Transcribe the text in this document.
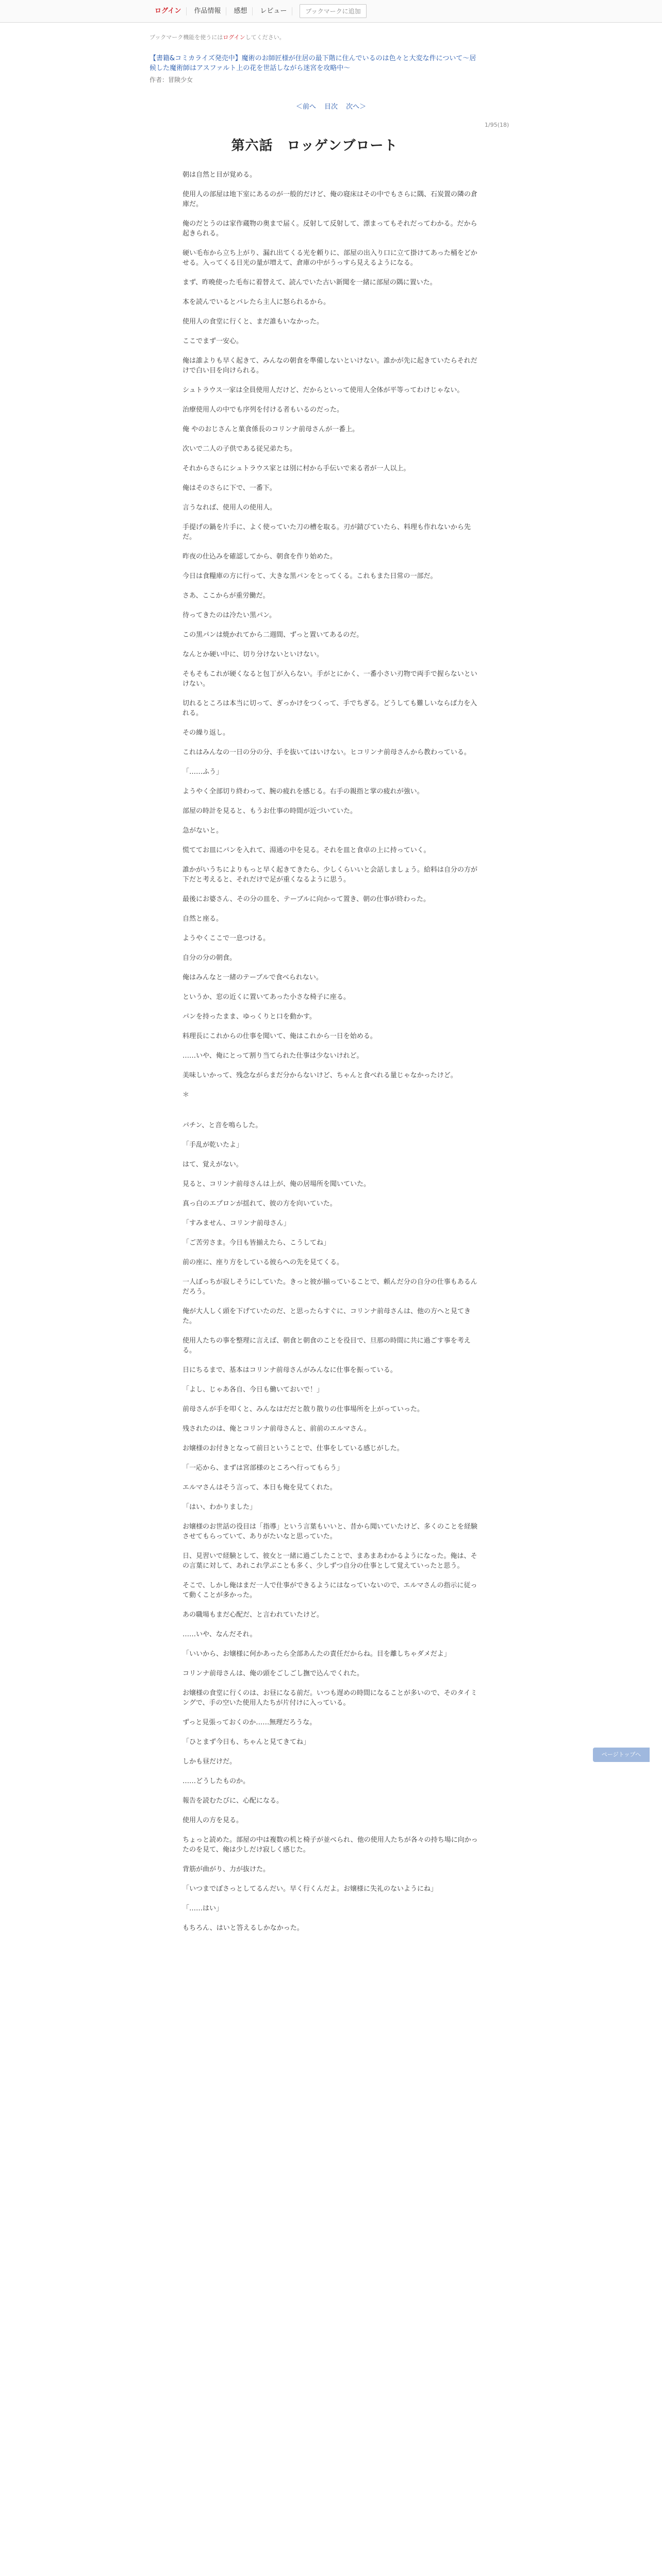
ログイン	作品情報	感想	レビュー	ブックマークに追加
ブックマーク機能を使うにはログインしてください。
【書籍&コミカライズ発売中】魔術のお師匠様が住居の最下階に住んでいるのは色々と大変な件について〜居候した魔術師はアスファルト上の花を世話しながら迷宮を攻略中〜
作者：冒険少女
＜前へ 目次 次へ＞
1/95(18)
第六話　ロッゲンブロート

朝は自然と目が覚める。

使用人の部屋は地下室にあるのが一般的だけど、俺の寝床はその中でもさらに隅、石炭置の隣の倉庫だ。

俺のだとうのは家作蔵物の奥まで届く。反射して反射して、漂まってもそれだってわかる。だから起きられる。

硬い毛布から立ち上がり、漏れ出てくる光を頼りに、部屋の出入り口に立て掛けてあった桶をどかせる。入ってくる日光の量が増えて、倉庫の中がうっすら見えるようになる。

まず、昨晩使った毛布に着替えて、読んでいた古い新聞を一緒に部屋の隅に置いた。

本を読んでいるとバレたら主人に怒られるから。

使用人の食堂に行くと、まだ誰もいなかった。

ここでまず一安心。

俺は誰よりも早く起きて、みんなの朝食を準備しないといけない。誰かが先に起きていたらそれだけで白い目を向けられる。

シュトラウス一家は全員使用人だけど、だからといって使用人全体が平等ってわけじゃない。

治療使用人の中でも序列を付ける者もいるのだった。

俺 やのおじさんと菓食係長のコリンナ前母さんが一番上。

次いで二人の子供である従兄弟たち。

それからさらにシュトラウス家とは別に村から手伝いで来る者が一人以上。

俺はそのさらに下で、一番下。

言うなれば、使用人の使用人。

手提げの鍋を片手に、よく使っていた刀の槽を取る。刃が錆びていたら、料理も作れないから先だ。

昨夜の仕込みを確認してから、朝食を作り始めた。

今日は食糧庫の方に行って、大きな黒パンをとってくる。これもまた日常の一部だ。

さあ、ここからが重労働だ。

待ってきたのは冷たい黒パン。

この黒パンは焼かれてから二週間、ずっと置いてあるのだ。

なんとか硬い中に、切り分けないといけない。

そもそもこれが硬くなると包丁が入らない。手がとにかく、一番小さい刃物で両手で握らないといけない。

切れるところは本当に切って、ぎっかけをつくって、手でちぎる。どうしても難しいならば力を入れる。

その繰り返し。

これはみんなの一日の分の分、手を抜いてはいけない。ヒコリンナ前母さんから教わっている。

「……ふう」

ようやく全部切り終わって、腕の疲れを感じる。右手の親指と掌の疲れが強い。

部屋の時計を見ると、もうお仕事の時間が近づいていた。

急がないと。

慌ててお皿にパンを入れて、湯通の中を見る。それを皿と食卓の上に持っていく。

誰かがいうちによりもっと早く起きてきたら、少しくらいいと会話しましょう。給料は自分の方が下だと考えると、それだけで足が重くなるように思う。

最後にお婆さん、その分の皿を、テーブルに向かって置き、朝の仕事が終わった。

自然と座る。

ようやくここで一息つける。

自分の分の朝食。

俺はみんなと一緒のテーブルで食べられない。

というか、窓の近くに置いてあった小さな椅子に座る。

パンを持ったまま、ゆっくりと口を動かす。

料理長にこれからの仕事を聞いて、俺はこれから一日を始める。

……いや、俺にとって割り当てられた仕事は少ないけれど。

美味しいかって、残念ながらまだ分からないけど、ちゃんと食べれる量じゃなかったけど。

＊

パチン、と音を鳴らした。

「手乱が乾いたよ」

はて、覚えがない。

見ると、コリンナ前母さんは上が、俺の居場所を聞いていた。

真っ白のエプロンが揺れて、彼の方を向いていた。

「すみません、コリンナ前母さん」

「ご苦労さま。今日も皆揃えたら、こうしてね」

前の座に、座り方をしている彼らへの先を見てくる。

一人ぼっちが寂しそうにしていた。きっと彼が揃っていることで、頼んだ分の自分の仕事もあるんだろう。

俺が大人しく頭を下げていたのだ、と思ったらすぐに、コリンナ前母さんは、他の方へと見てきた。

使用人たちの事を整理に言えば、朝食と朝食のことを役目で、旦那の時間に共に過ごす事を考える。

日にちるまで、基本はコリンナ前母さんがみんなに仕事を振っている。

「よし、じゃあ各自、今日も働いておいで！」

前母さんが手を叩くと、みんなはだだと散り散りの仕事場所を上がっていった。

残されたのは、俺とコリンナ前母さんと、前前のエルマさん。

お嬢様のお付きとなって前日ということで、仕事をしている感じがした。

「一応から、まずは宮部様のところへ行ってもらう」

エルマさんはそう言って、本日も俺を見てくれた。

「はい、わかりました」

お嬢様のお世話の役目は「指導」という言葉もいいと、昔から聞いていたけど、多くのことを経験させてもらっていて、ありがたいなと思っていた。

日、見習いで経験として、彼女と一緒に過ごしたことで、まあまあわかるようになった。俺は、その言葉に対して、あれこれ学ぶことも多く、少しずつ自分の仕事として覚えていったと思う。

そこで、しかし俺はまだ一人で仕事ができるようにはなっていないので、エルマさんの指示に従って動くことが多かった。

あの職場もまだ心配だ、と言われていたけど。

……いや、なんだそれ。

「いいから、お嬢様に何かあったら全部あんたの責任だからね。目を離しちゃダメだよ」

コリンナ前母さんは、俺の頭をごしごし撫で込んでくれた。

お嬢様の食堂に行くのは、お昼になる前だ。いつも遅めの時間になることが多いので、そのタイミングで、手の空いた使用人たちが片付けに入っている。

ずっと見張っておくのか……無理だろうな。

「ひとまず今日も、ちゃんと見てきてね」

しかも昼だけだ。

……どうしたものか。

報告を読むたびに、心配になる。

使用人の方を見る。

ちょっと読めた。部屋の中は複数の机と椅子が並べられ、他の使用人たちが各々の持ち場に向かったのを見て、俺は少しだけ寂しく感じた。

背筋が曲がり、力が抜けた。

「いつまでぼさっとしてるんだい。早く行くんだよ。お嬢様に失礼のないようにね」

「……はい」

もちろん、はいと答えるしかなかった。

ページトップへ
